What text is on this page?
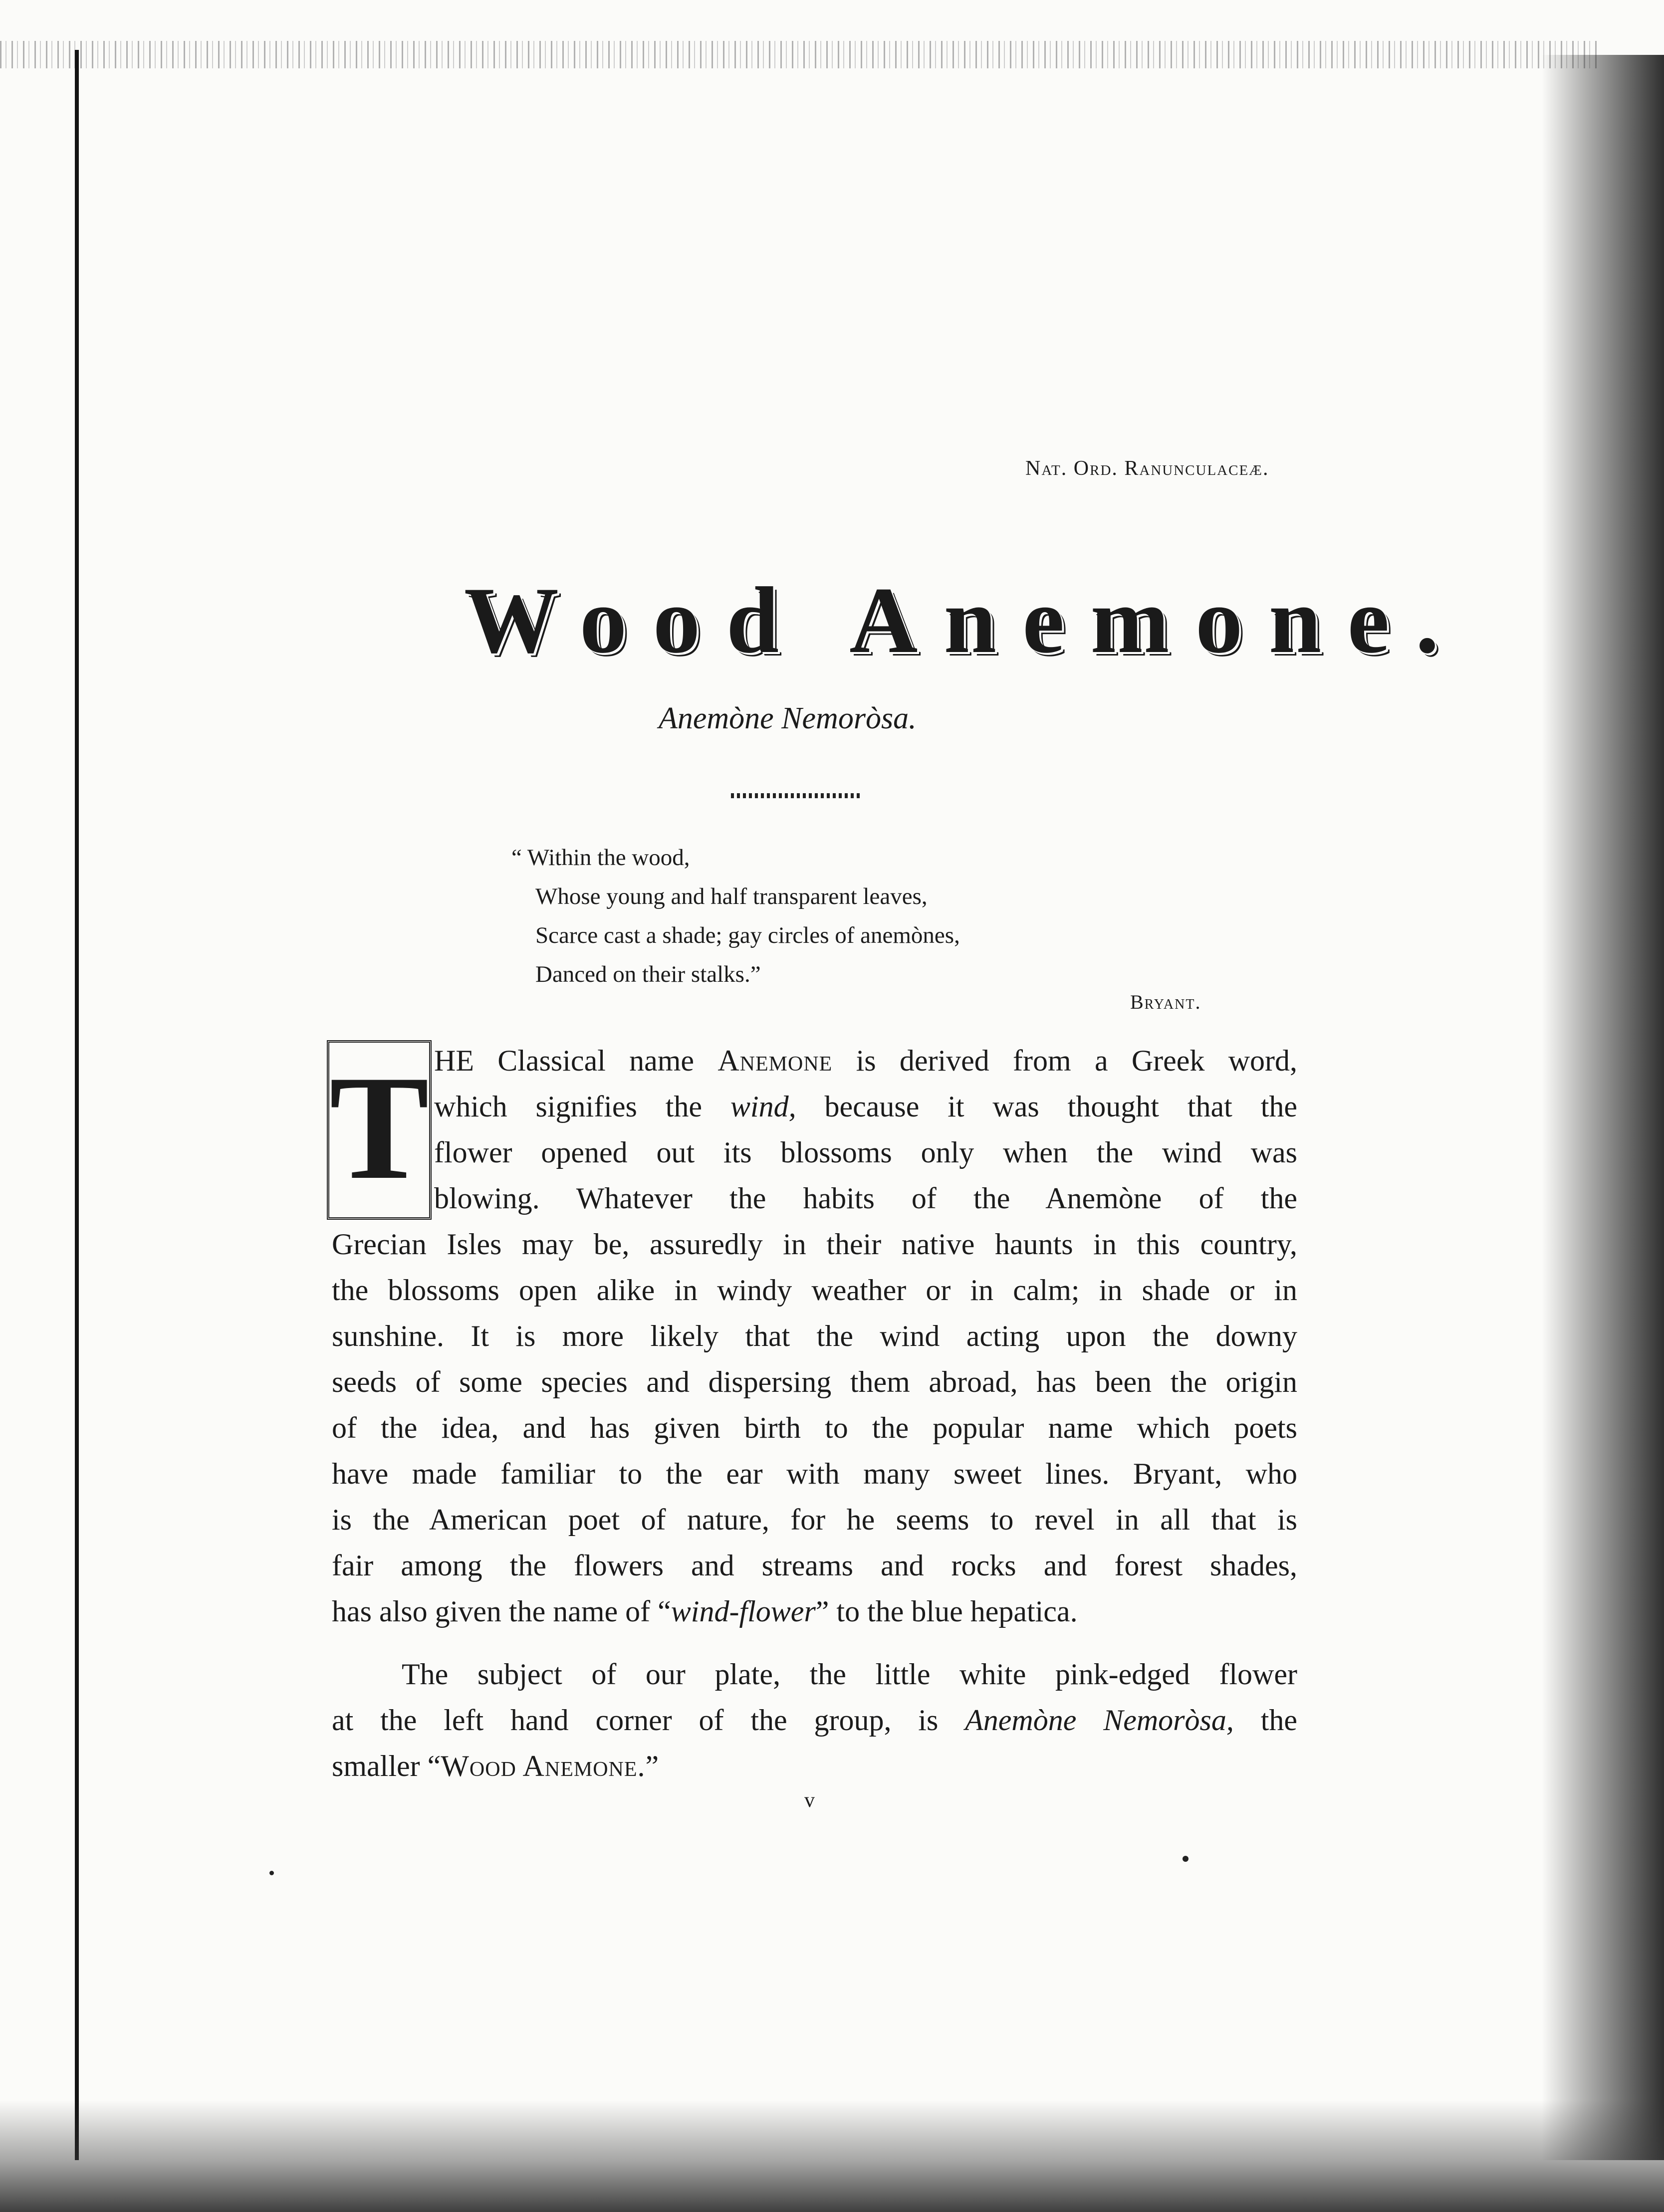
Nat. Ord. Ranunculaceæ.
Wood Anemone.
Anemòne Nemoròsa.
“ Within the wood,
Whose young and half transparent leaves,
Scarce cast a shade; gay circles of anemònes,
Danced on their stalks.”
Bryant.
T HE Classical name Anemone is derived from a Greek word,
which signifies the wind, because it was thought that the
flower opened out its blossoms only when the wind was
blowing. Whatever the habits of the Anemòne of the
Grecian Isles may be, assuredly in their native haunts in this country,
the blossoms open alike in windy weather or in calm; in shade or in
sunshine. It is more likely that the wind acting upon the downy
seeds of some species and dispersing them abroad, has been the origin
of the idea, and has given birth to the popular name which poets
have made familiar to the ear with many sweet lines. Bryant, who
is the American poet of nature, for he seems to revel in all that is
fair among the flowers and streams and rocks and forest shades,
has also given the name of “wind-flower” to the blue hepatica.
The subject of our plate, the little white pink-edged flower
at the left hand corner of the group, is Anemòne Nemoròsa, the
smaller “Wood Anemone.”
v
